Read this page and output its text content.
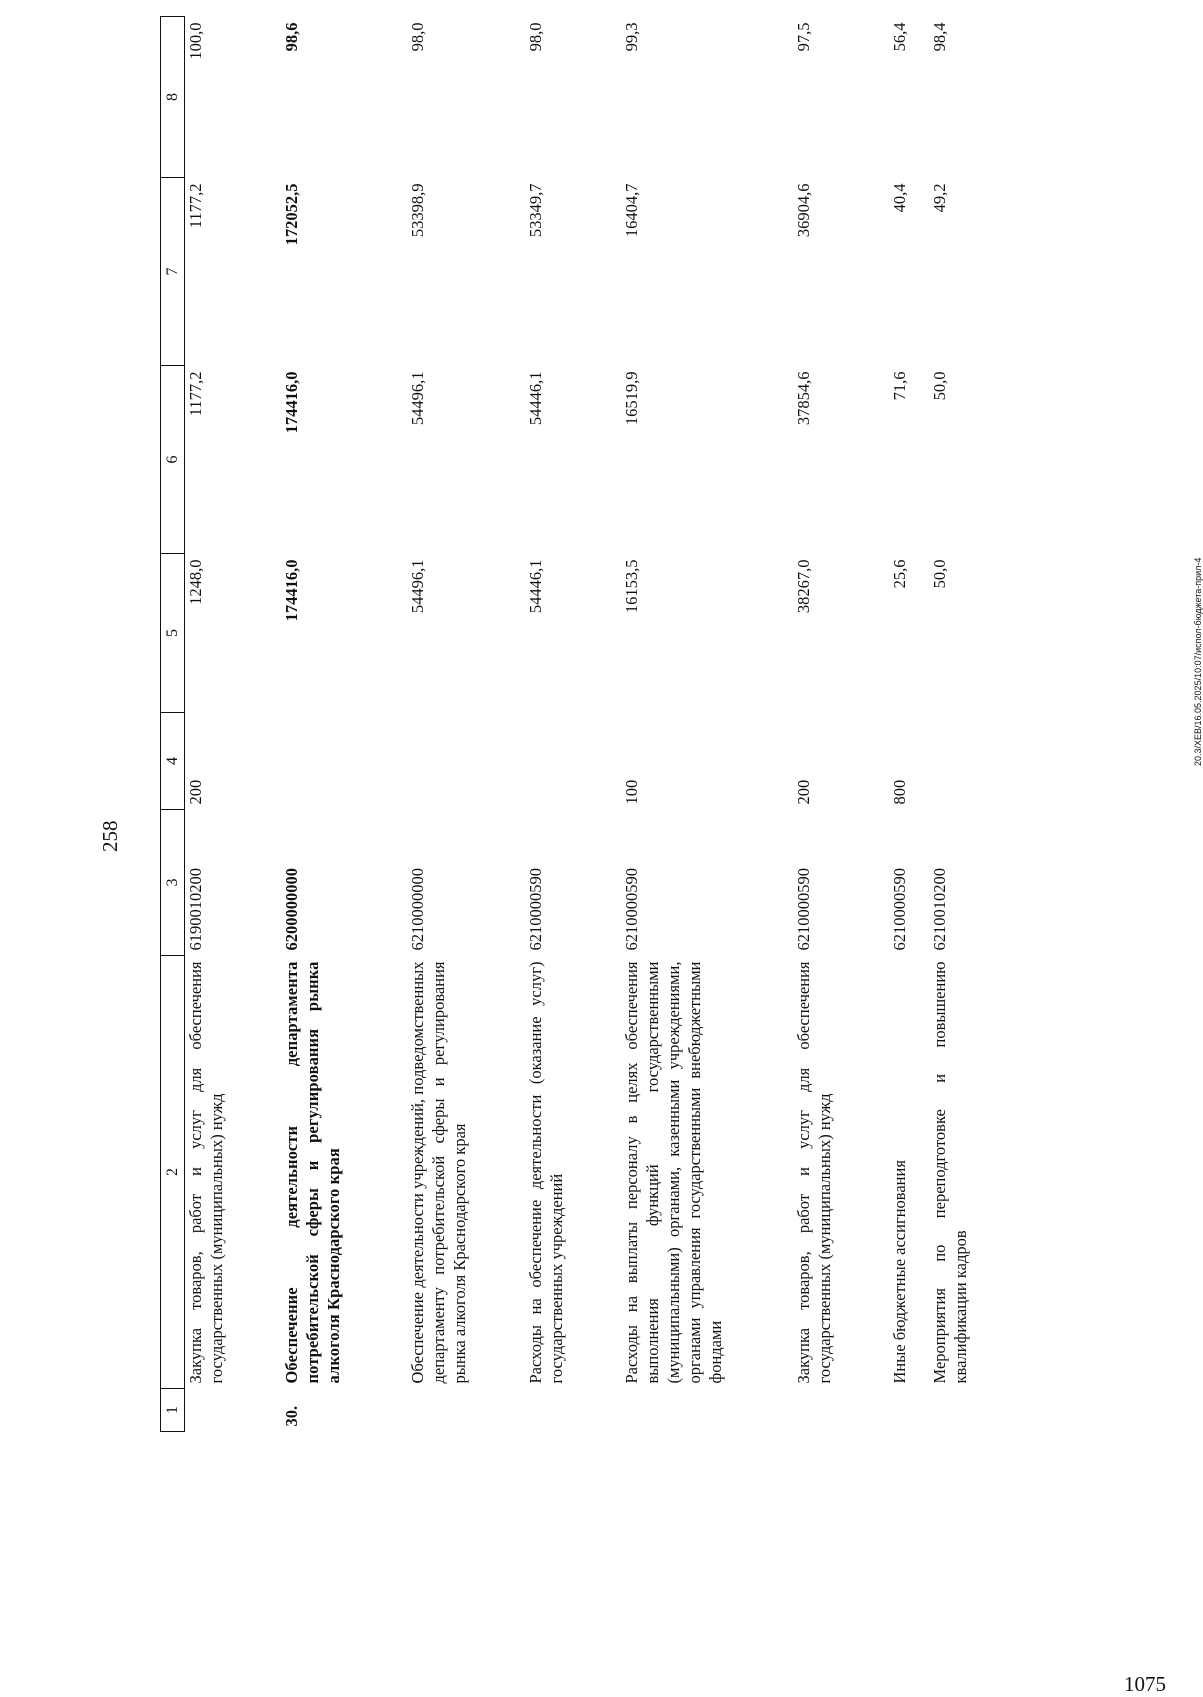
258
1	2	3	4	5	6	7	8
	Закупка товаров, работ и услуг для обеспечения государственных (муниципальных) нужд	6190010200	200	1248,0	1177,2	1177,2	100,0
30.	Обеспечение деятельности департамента потребительской сферы и регулирования рынка алкоголя Краснодарского края	6200000000		174416,0	174416,0	172052,5	98,6
	Обеспечение деятельности учреждений, подведомственных департаменту потребительской сферы и регулирования рынка алкоголя Краснодарского края	6210000000		54496,1	54496,1	53398,9	98,0
	Расходы на обеспечение деятельности (оказание услуг) государственных учреждений	6210000590		54446,1	54446,1	53349,7	98,0
	Расходы на выплаты персоналу в целях обеспечения выполнения функций государственными (муниципальными) органами, казенными учреждениями, органами управления государственными внебюджетными фондами	6210000590	100	16153,5	16519,9	16404,7	99,3
	Закупка товаров, работ и услуг для обеспечения государственных (муниципальных) нужд	6210000590	200	38267,0	37854,6	36904,6	97,5
	Иные бюджетные ассигнования	6210000590	800	25,6	71,6	40,4	56,4
	Мероприятия по переподготовке и повышению квалификации кадров	6210010200		50,0	50,0	49,2	98,4
20.3/ХЕВ/16.05.2025/10:07/испол-бюджета-прил-4
1075
